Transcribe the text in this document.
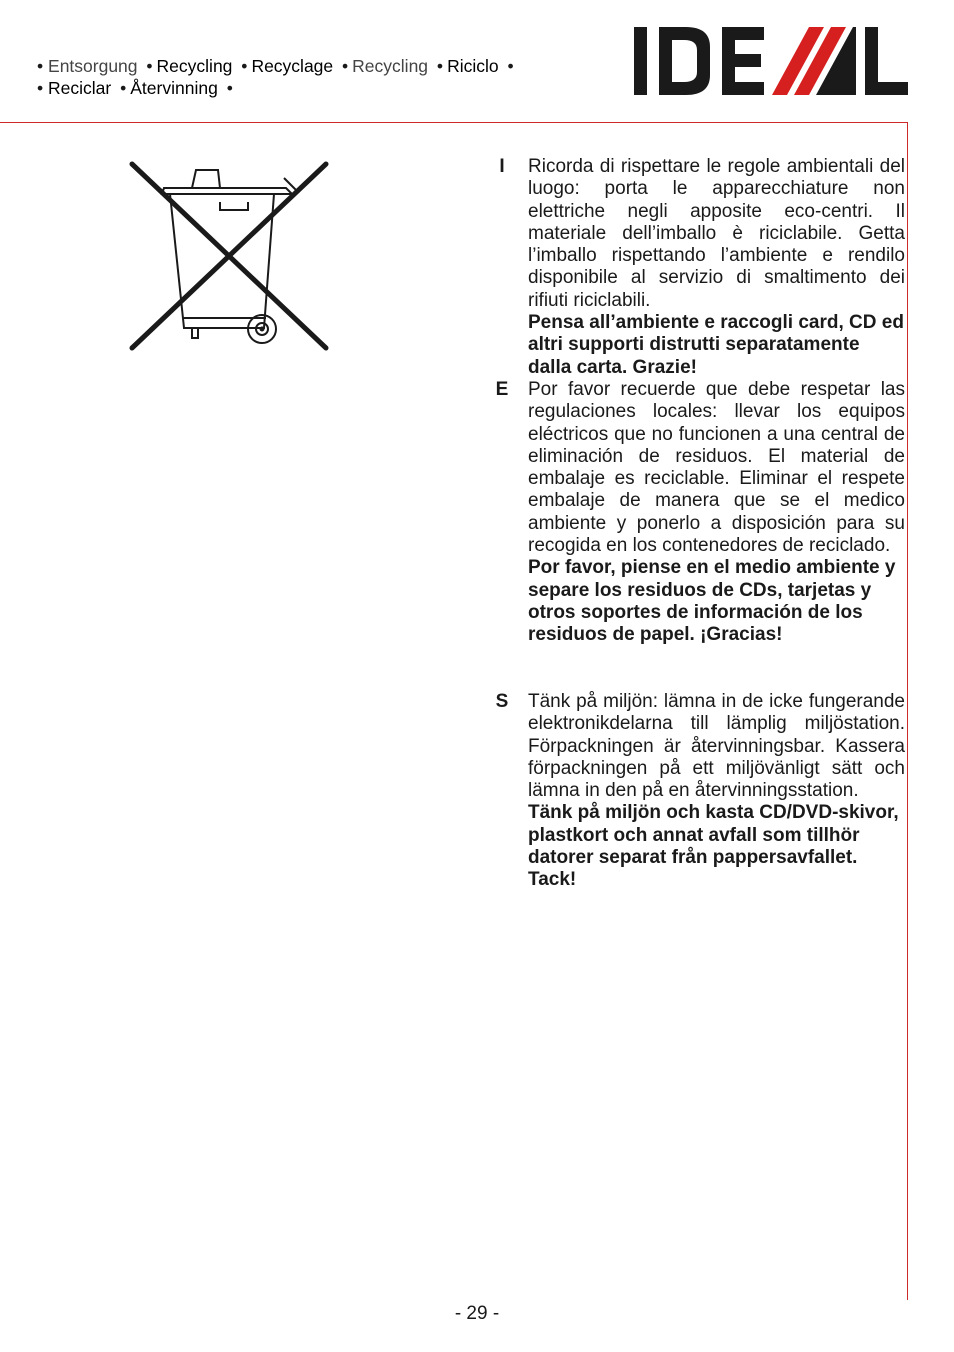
• Entsorgung • Recycling • Recyclage • Recycling • Riciclo •
• Reciclar • Återvinning •
I	Ricorda di rispettare le regole ambientali del luogo: porta le apparecchiature non elettriche negli apposite eco-centri. Il materiale dell’imballo è riciclabile. Getta l’imballo rispettando l’ambiente e rendilo disponibile al servizio di smaltimento dei rifiuti riciclabili.
Pensa all’ambiente e raccogli card, CD ed altri supporti distrutti separatamente dalla carta. Grazie!
E Por favor recuerde que debe respetar las regulaciones locales: llevar los equipos eléctricos que no funcionen a una central de eliminación de residuos. El material de embalaje es reciclable. Eliminar el respete embalaje de manera que se el medico ambiente y ponerlo a disposición para su recogida en los contenedores de reciclado.
Por favor, piense en el medio ambiente y separe los residuos de CDs, tarjetas y otros soportes de información de los residuos de papel. ¡Gracias!
S Tänk på miljön: lämna in de icke fungerande elektronikdelarna till lämplig miljöstation. Förpackningen är återvinningsbar. Kassera förpackningen på ett miljövänligt sätt och lämna in den på en återvinningsstation.
Tänk på miljön och kasta CD/DVD-skivor, plastkort och annat avfall som tillhör datorer separat från pappersavfallet. Tack!
- 29 -
